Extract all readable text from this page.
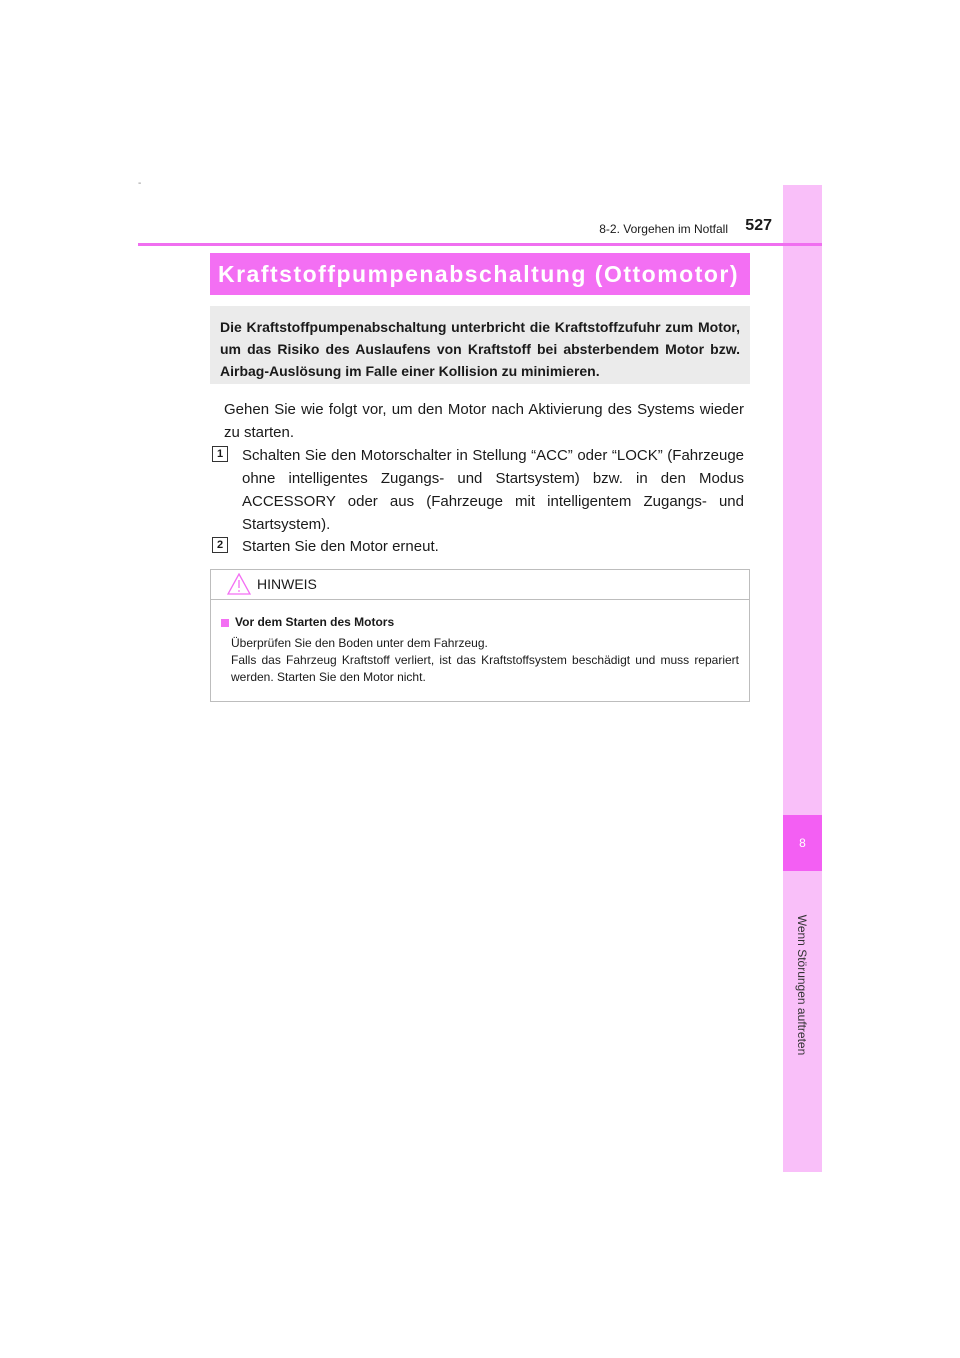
-
8
Wenn Störungen auftreten
8-2. Vorgehen im Notfall 527
Kraftstoffpumpenabschaltung (Ottomotor)
Die Kraftstoffpumpenabschaltung unterbricht die Kraftstoffzufuhr zum Motor, um das Risiko des Auslaufens von Kraftstoff bei absterbendem Motor bzw. Airbag-Auslösung im Falle einer Kollision zu minimieren.
Gehen Sie wie folgt vor, um den Motor nach Aktivierung des Systems wieder zu starten.
1	Schalten Sie den Motorschalter in Stellung “ACC” oder “LOCK” (Fahrzeuge ohne intelligentes Zugangs- und Startsystem) bzw. in den Modus ACCESSORY oder aus (Fahrzeuge mit intelligentem Zugangs- und Startsystem).
2	Starten Sie den Motor erneut.
HINWEIS
Vor dem Starten des Motors
Überprüfen Sie den Boden unter dem Fahrzeug.
Falls das Fahrzeug Kraftstoff verliert, ist das Kraftstoffsystem beschädigt und muss repariert werden. Starten Sie den Motor nicht.
